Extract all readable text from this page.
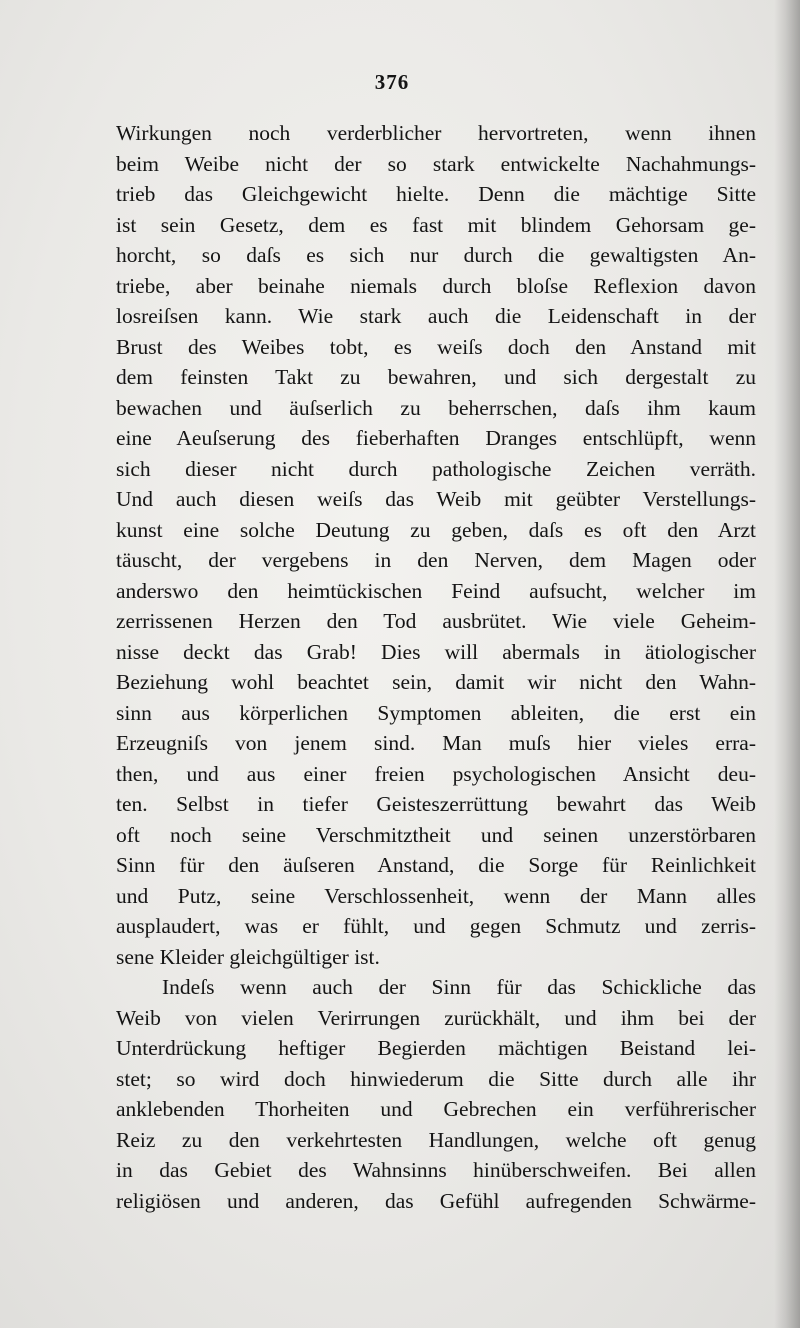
376
Wirkungen noch verderblicher hervortreten, wenn ihnen
beim Weibe nicht der so stark entwickelte Nachahmungs-
trieb das Gleichgewicht hielte. Denn die mächtige Sitte
ist sein Gesetz, dem es fast mit blindem Gehorsam ge-
horcht, so daſs es sich nur durch die gewaltigsten An-
triebe, aber beinahe niemals durch bloſse Reflexion davon
losreiſsen kann. Wie stark auch die Leidenschaft in der
Brust des Weibes tobt, es weiſs doch den Anstand mit
dem feinsten Takt zu bewahren, und sich dergestalt zu
bewachen und äuſserlich zu beherrschen, daſs ihm kaum
eine Aeuſserung des fieberhaften Dranges entschlüpft, wenn
sich dieser nicht durch pathologische Zeichen verräth.
Und auch diesen weiſs das Weib mit geübter Verstellungs-
kunst eine solche Deutung zu geben, daſs es oft den Arzt
täuscht, der vergebens in den Nerven, dem Magen oder
anderswo den heimtückischen Feind aufsucht, welcher im
zerrissenen Herzen den Tod ausbrütet. Wie viele Geheim-
nisse deckt das Grab! Dies will abermals in ätiologischer
Beziehung wohl beachtet sein, damit wir nicht den Wahn-
sinn aus körperlichen Symptomen ableiten, die erst ein
Erzeugniſs von jenem sind. Man muſs hier vieles erra-
then, und aus einer freien psychologischen Ansicht deu-
ten. Selbst in tiefer Geisteszerrüttung bewahrt das Weib
oft noch seine Verschmitztheit und seinen unzerstörbaren
Sinn für den äuſseren Anstand, die Sorge für Reinlichkeit
und Putz, seine Verschlossenheit, wenn der Mann alles
ausplaudert, was er fühlt, und gegen Schmutz und zerris-
sene Kleider gleichgültiger ist.
Indeſs wenn auch der Sinn für das Schickliche das
Weib von vielen Verirrungen zurückhält, und ihm bei der
Unterdrückung heftiger Begierden mächtigen Beistand lei-
stet; so wird doch hinwiederum die Sitte durch alle ihr
anklebenden Thorheiten und Gebrechen ein verführerischer
Reiz zu den verkehrtesten Handlungen, welche oft genug
in das Gebiet des Wahnsinns hinüberschweifen. Bei allen
religiösen und anderen, das Gefühl aufregenden Schwärme-
